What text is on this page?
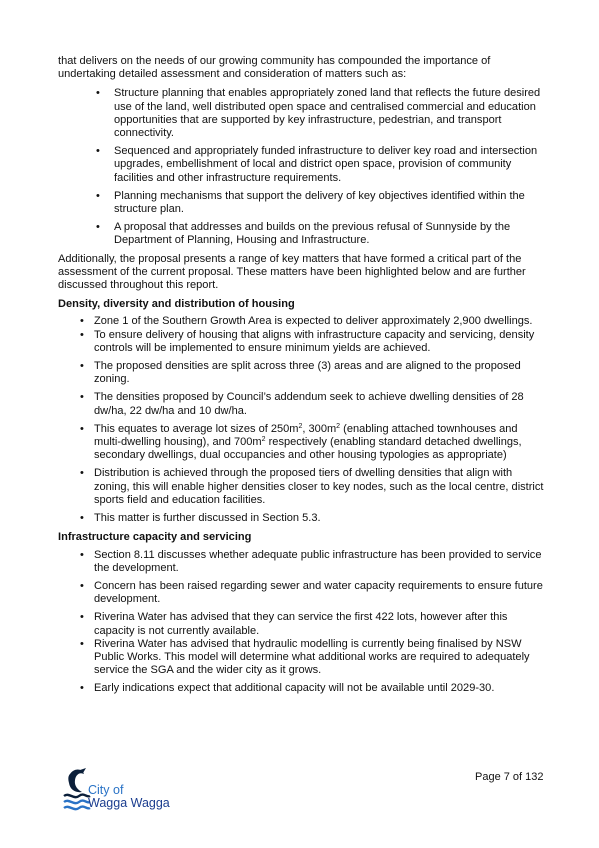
that delivers on the needs of our growing community has compounded the importance of undertaking detailed assessment and consideration of matters such as:

• Structure planning that enables appropriately zoned land that reflects the future desired use of the land, well distributed open space and centralised commercial and education opportunities that are supported by key infrastructure, pedestrian, and transport connectivity.
• Sequenced and appropriately funded infrastructure to deliver key road and intersection upgrades, embellishment of local and district open space, provision of community facilities and other infrastructure requirements.
• Planning mechanisms that support the delivery of key objectives identified within the structure plan.
• A proposal that addresses and builds on the previous refusal of Sunnyside by the Department of Planning, Housing and Infrastructure.

Additionally, the proposal presents a range of key matters that have formed a critical part of the assessment of the current proposal. These matters have been highlighted below and are further discussed throughout this report.

Density, diversity and distribution of housing

• Zone 1 of the Southern Growth Area is expected to deliver approximately 2,900 dwellings.
• To ensure delivery of housing that aligns with infrastructure capacity and servicing, density controls will be implemented to ensure minimum yields are achieved.
• The proposed densities are split across three (3) areas and are aligned to the proposed zoning.
• The densities proposed by Council’s addendum seek to achieve dwelling densities of 28 dw/ha, 22 dw/ha and 10 dw/ha.
• This equates to average lot sizes of $250m^2$, $300m^2$ (enabling attached townhouses and multi-dwelling housing), and $700m^2$ respectively (enabling standard detached dwellings, secondary dwellings, dual occupancies and other housing typologies as appropriate)
• Distribution is achieved through the proposed tiers of dwelling densities that align with zoning, this will enable higher densities closer to key nodes, such as the local centre, district sports field and education facilities.
• This matter is further discussed in Section 5.3.

Infrastructure capacity and servicing

• Section 8.11 discusses whether adequate public infrastructure has been provided to service the development.
• Concern has been raised regarding sewer and water capacity requirements to ensure future development.
• Riverina Water has advised that they can service the first 422 lots, however after this capacity is not currently available.
• Riverina Water has advised that hydraulic modelling is currently being finalised by NSW Public Works. This model will determine what additional works are required to adequately service the SGA and the wider city as it grows.
• Early indications expect that additional capacity will not be available until 2029-30.
City of
Wagga Wagga
Page 7 of 132
